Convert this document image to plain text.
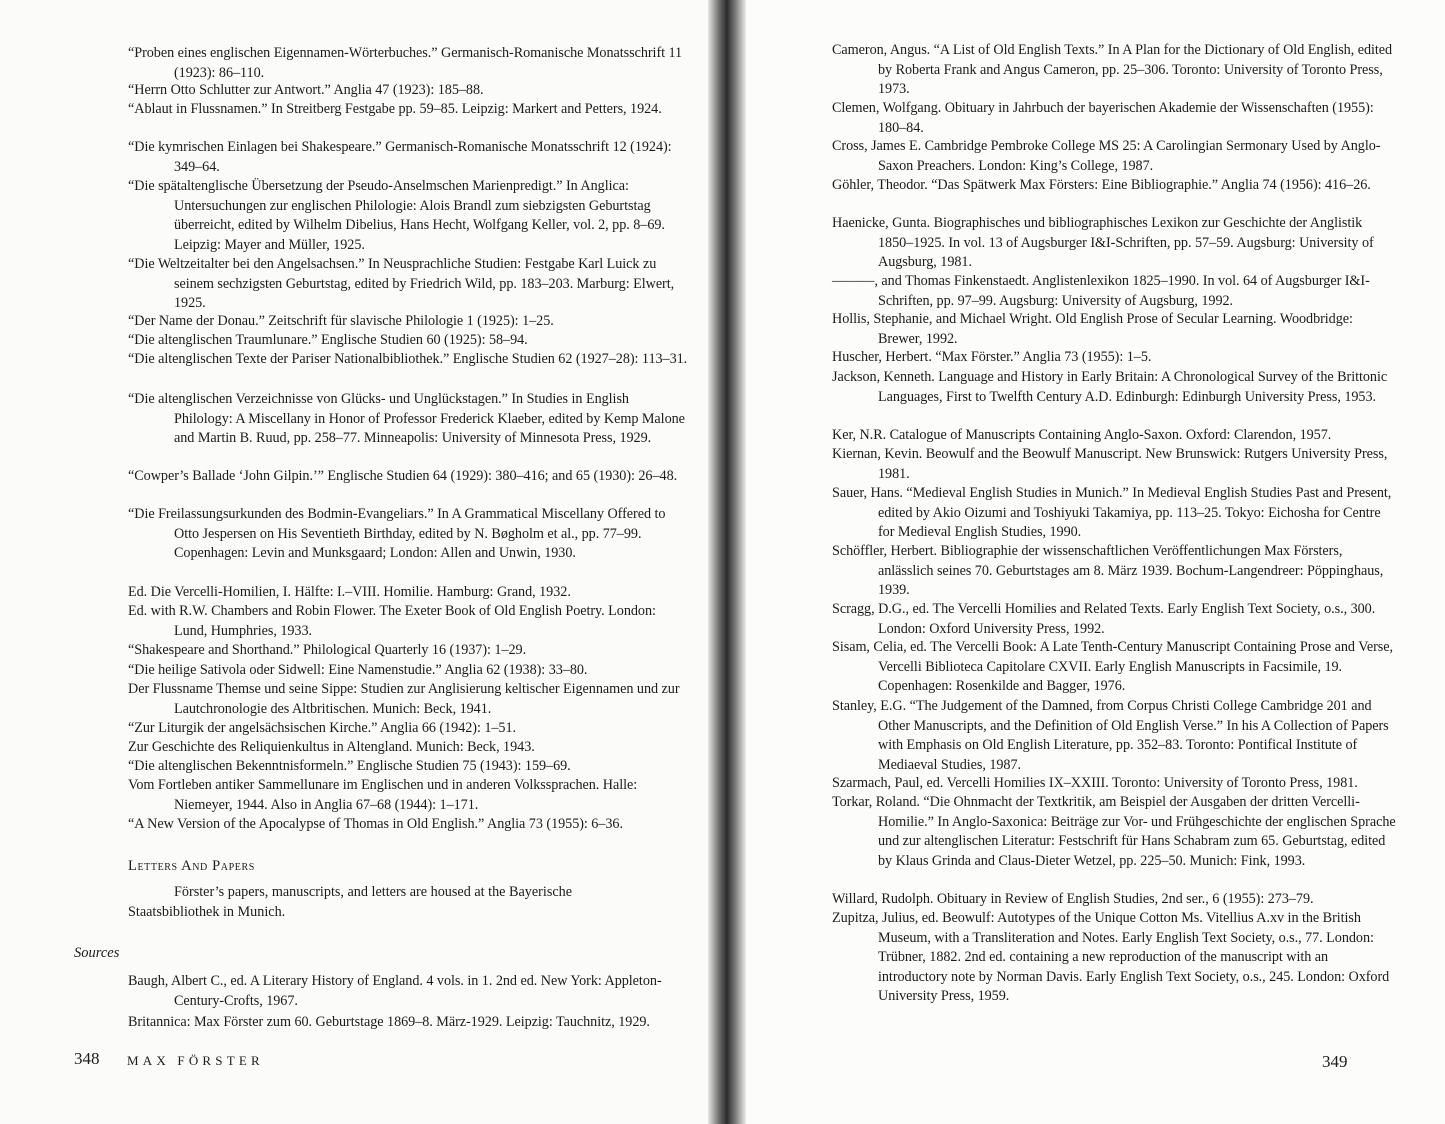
“Proben eines englischen Eigennamen-Wörterbuches.” Germanisch-Romanische Monatsschrift 11 (1923): 86–110.
“Herrn Otto Schlutter zur Antwort.” Anglia 47 (1923): 185–88.
“Ablaut in Flussnamen.” In Streitberg Festgabe pp. 59–85. Leipzig: Markert and Petters, 1924.
“Die kymrischen Einlagen bei Shakespeare.” Germanisch-Romanische Monatsschrift 12 (1924): 349–64.
“Die spätaltenglische Übersetzung der Pseudo-Anselmschen Marienpredigt.” In Anglica: Untersuchungen zur englischen Philologie: Alois Brandl zum siebzigsten Geburtstag überreicht, edited by Wilhelm Dibelius, Hans Hecht, Wolfgang Keller, vol. 2, pp. 8–69. Leipzig: Mayer and Müller, 1925.
“Die Weltzeitalter bei den Angelsachsen.” In Neusprachliche Studien: Festgabe Karl Luick zu seinem sechzigsten Geburtstag, edited by Friedrich Wild, pp. 183–203. Marburg: Elwert, 1925.
“Der Name der Donau.” Zeitschrift für slavische Philologie 1 (1925): 1–25.
“Die altenglischen Traumlunare.” Englische Studien 60 (1925): 58–94.
“Die altenglischen Texte der Pariser Nationalbibliothek.” Englische Studien 62 (1927–28): 113–31.
“Die altenglischen Verzeichnisse von Glücks- und Unglückstagen.” In Studies in English Philology: A Miscellany in Honor of Professor Frederick Klaeber, edited by Kemp Malone and Martin B. Ruud, pp. 258–77. Minneapolis: University of Minnesota Press, 1929.
“Cowper’s Ballade ‘John Gilpin.’” Englische Studien 64 (1929): 380–416; and 65 (1930): 26–48.
“Die Freilassungsurkunden des Bodmin-Evangeliars.” In A Grammatical Miscellany Offered to Otto Jespersen on His Seventieth Birthday, edited by N. Bøgholm et al., pp. 77–99. Copenhagen: Levin and Munksgaard; London: Allen and Unwin, 1930.
Ed. Die Vercelli-Homilien, I. Hälfte: I.–VIII. Homilie. Hamburg: Grand, 1932.
Ed. with R.W. Chambers and Robin Flower. The Exeter Book of Old English Poetry. London: Lund, Humphries, 1933.
“Shakespeare and Shorthand.” Philological Quarterly 16 (1937): 1–29.
“Die heilige Sativola oder Sidwell: Eine Namenstudie.” Anglia 62 (1938): 33–80.
Der Flussname Themse und seine Sippe: Studien zur Anglisierung keltischer Eigennamen und zur Lautchronologie des Altbritischen. Munich: Beck, 1941.
“Zur Liturgik der angelsächsischen Kirche.” Anglia 66 (1942): 1–51.
Zur Geschichte des Reliquienkultus in Altengland. Munich: Beck, 1943.
“Die altenglischen Bekenntnisformeln.” Englische Studien 75 (1943): 159–69.
Vom Fortleben antiker Sammellunare im Englischen und in anderen Volkssprachen. Halle: Niemeyer, 1944. Also in Anglia 67–68 (1944): 1–171.
“A New Version of the Apocalypse of Thomas in Old English.” Anglia 73 (1955): 6–36.
Letters And Papers
Förster’s papers, manuscripts, and letters are housed at the Bayerische Staatsbibliothek in Munich.
Sources
Baugh, Albert C., ed. A Literary History of England. 4 vols. in 1. 2nd ed. New York: Appleton-Century-Crofts, 1967.
Britannica: Max Förster zum 60. Geburtstage 1869–8. März-1929. Leipzig: Tauchnitz, 1929.
348 MAX FÖRSTER
Cameron, Angus. “A List of Old English Texts.” In A Plan for the Dictionary of Old English, edited by Roberta Frank and Angus Cameron, pp. 25–306. Toronto: University of Toronto Press, 1973.
Clemen, Wolfgang. Obituary in Jahrbuch der bayerischen Akademie der Wissenschaften (1955): 180–84.
Cross, James E. Cambridge Pembroke College MS 25: A Carolingian Sermonary Used by Anglo-Saxon Preachers. London: King’s College, 1987.
Göhler, Theodor. “Das Spätwerk Max Försters: Eine Bibliographie.” Anglia 74 (1956): 416–26.
Haenicke, Gunta. Biographisches und bibliographisches Lexikon zur Geschichte der Anglistik 1850–1925. In vol. 13 of Augsburger I&I-Schriften, pp. 57–59. Augsburg: University of Augsburg, 1981.
———, and Thomas Finkenstaedt. Anglistenlexikon 1825–1990. In vol. 64 of Augsburger I&I-Schriften, pp. 97–99. Augsburg: University of Augsburg, 1992.
Hollis, Stephanie, and Michael Wright. Old English Prose of Secular Learning. Woodbridge: Brewer, 1992.
Huscher, Herbert. “Max Förster.” Anglia 73 (1955): 1–5.
Jackson, Kenneth. Language and History in Early Britain: A Chronological Survey of the Brittonic Languages, First to Twelfth Century A.D. Edinburgh: Edinburgh University Press, 1953.
Ker, N.R. Catalogue of Manuscripts Containing Anglo-Saxon. Oxford: Clarendon, 1957.
Kiernan, Kevin. Beowulf and the Beowulf Manuscript. New Brunswick: Rutgers University Press, 1981.
Sauer, Hans. “Medieval English Studies in Munich.” In Medieval English Studies Past and Present, edited by Akio Oizumi and Toshiyuki Takamiya, pp. 113–25. Tokyo: Eichosha for Centre for Medieval English Studies, 1990.
Schöffler, Herbert. Bibliographie der wissenschaftlichen Veröffentlichungen Max Försters, anlässlich seines 70. Geburtstages am 8. März 1939. Bochum-Langendreer: Pöppinghaus, 1939.
Scragg, D.G., ed. The Vercelli Homilies and Related Texts. Early English Text Society, o.s., 300. London: Oxford University Press, 1992.
Sisam, Celia, ed. The Vercelli Book: A Late Tenth-Century Manuscript Containing Prose and Verse, Vercelli Biblioteca Capitolare CXVII. Early English Manuscripts in Facsimile, 19. Copenhagen: Rosenkilde and Bagger, 1976.
Stanley, E.G. “The Judgement of the Damned, from Corpus Christi College Cambridge 201 and Other Manuscripts, and the Definition of Old English Verse.” In his A Collection of Papers with Emphasis on Old English Literature, pp. 352–83. Toronto: Pontifical Institute of Mediaeval Studies, 1987.
Szarmach, Paul, ed. Vercelli Homilies IX–XXIII. Toronto: University of Toronto Press, 1981.
Torkar, Roland. “Die Ohnmacht der Textkritik, am Beispiel der Ausgaben der dritten Vercelli-Homilie.” In Anglo-Saxonica: Beiträge zur Vor- und Frühgeschichte der englischen Sprache und zur altenglischen Literatur: Festschrift für Hans Schabram zum 65. Geburtstag, edited by Klaus Grinda and Claus-Dieter Wetzel, pp. 225–50. Munich: Fink, 1993.
Willard, Rudolph. Obituary in Review of English Studies, 2nd ser., 6 (1955): 273–79.
Zupitza, Julius, ed. Beowulf: Autotypes of the Unique Cotton Ms. Vitellius A.xv in the British Museum, with a Transliteration and Notes. Early English Text Society, o.s., 77. London: Trübner, 1882. 2nd ed. containing a new reproduction of the manuscript with an introductory note by Norman Davis. Early English Text Society, o.s., 245. London: Oxford University Press, 1959.
349
